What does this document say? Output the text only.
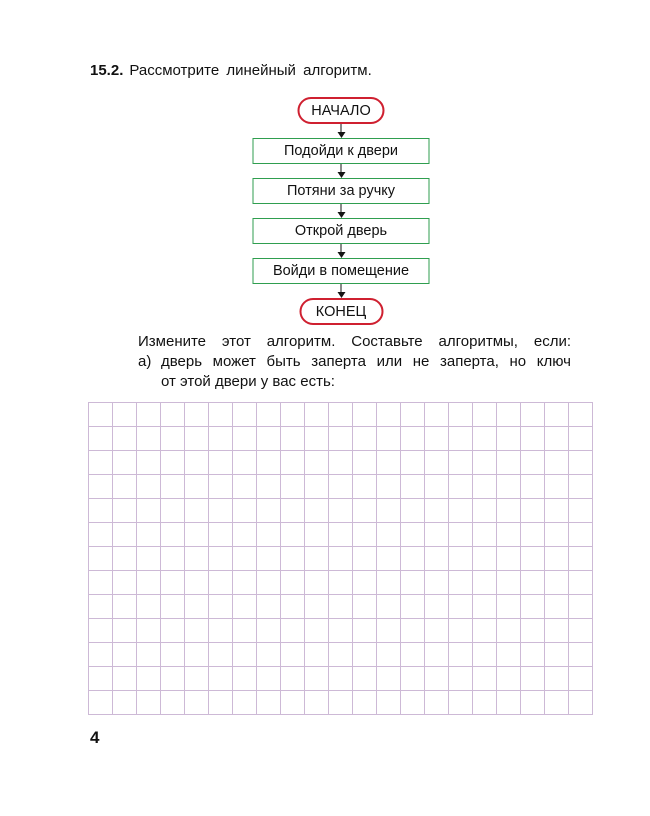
15.2. Рассмотрите линейный алгоритм.
НАЧАЛО
Подойди к двери
Потяни за ручку
Открой дверь
Войди в помещение
КОНЕЦ
Измените этот алгоритм. Составьте алгоритмы, если:
а) дверь может быть заперта или не заперта, но ключ
от этой двери у вас есть:
4
